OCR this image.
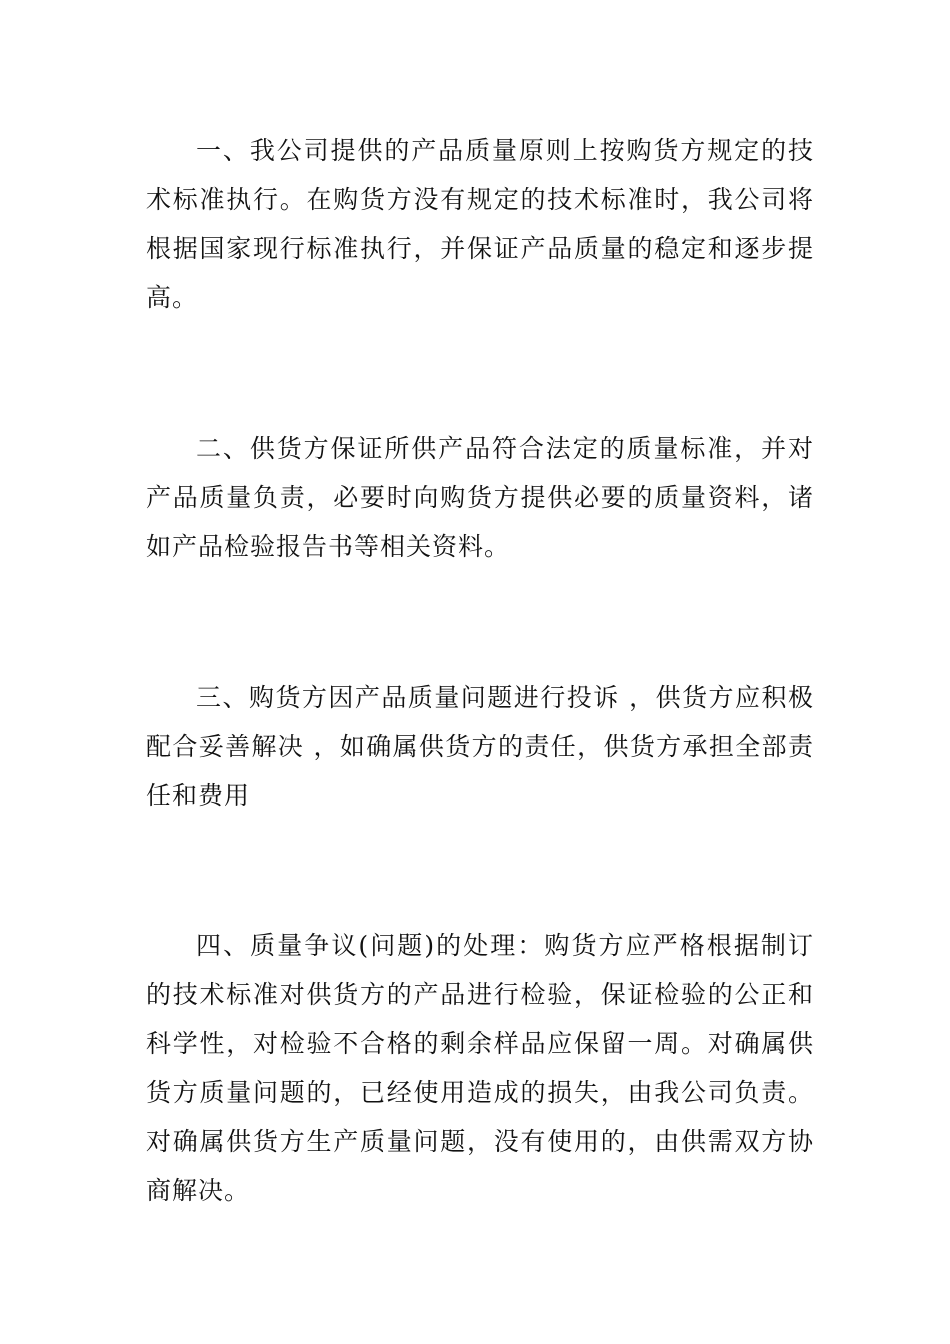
一、我公司提供的产品质量原则上按购货方规定的技术标准执行。在购货方没有规定的技术标准时，我公司将根据国家现行标准执行，并保证产品质量的稳定和逐步提高。

二、供货方保证所供产品符合法定的质量标准，并对产品质量负责，必要时向购货方提供必要的质量资料，诸如产品检验报告书等相关资料。

三、购货方因产品质量问题进行投诉 ，供货方应积极配合妥善解决 ，如确属供货方的责任，供货方承担全部责任和费用

四、质量争议(问题)的处理：购货方应严格根据制订的技术标准对供货方的产品进行检验，保证检验的公正和科学性，对检验不合格的剩余样品应保留一周。对确属供货方质量问题的，已经使用造成的损失，由我公司负责。对确属供货方生产质量问题，没有使用的，由供需双方协商解决。
